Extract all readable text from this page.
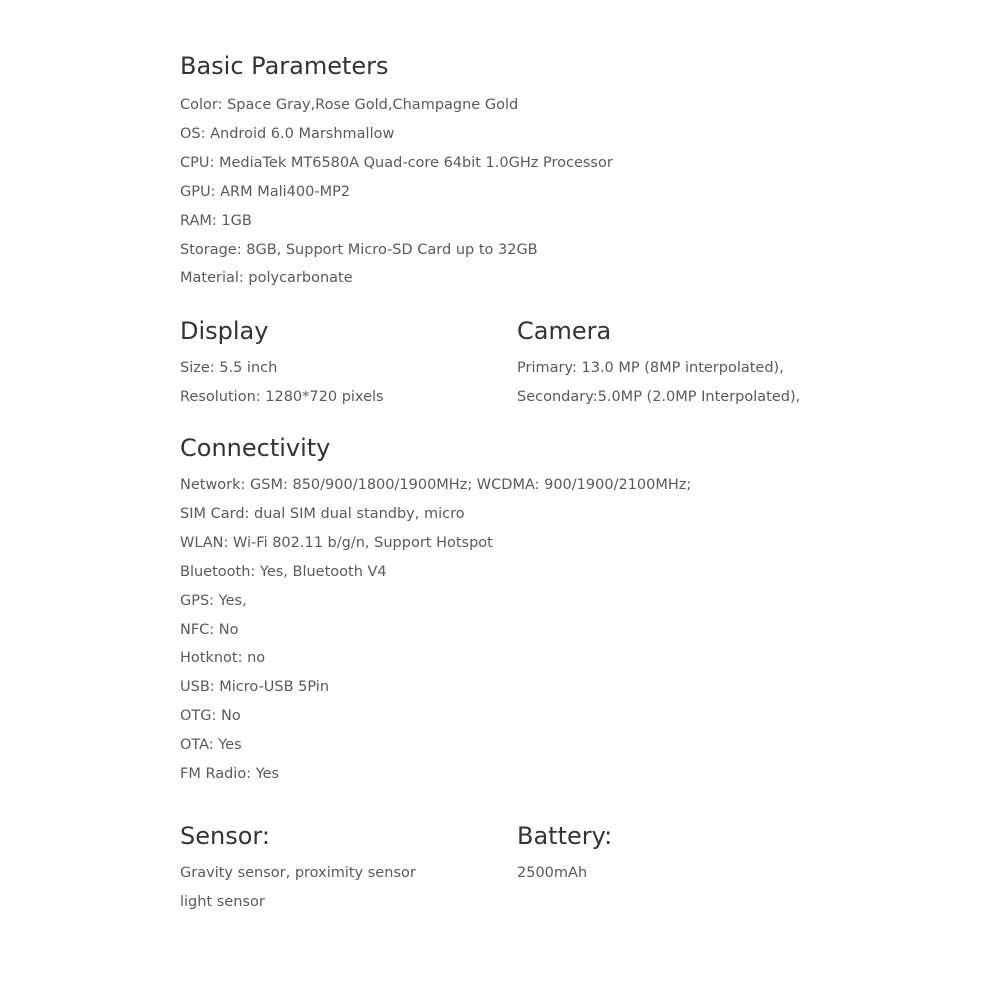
Basic Parameters
Color: Space Gray,Rose Gold,Champagne Gold
OS: Android 6.0 Marshmallow
CPU: MediaTek MT6580A Quad-core 64bit 1.0GHz Processor
GPU: ARM Mali400-MP2
RAM: 1GB
Storage: 8GB, Support Micro-SD Card up to 32GB
Material: polycarbonate
Display
Size: 5.5 inch
Resolution: 1280*720 pixels
Camera
Primary: 13.0 MP (8MP interpolated),
Secondary:5.0MP (2.0MP Interpolated),
Connectivity
Network: GSM: 850/900/1800/1900MHz; WCDMA: 900/1900/2100MHz;
SIM Card: dual SIM dual standby, micro
WLAN: Wi-Fi 802.11 b/g/n, Support Hotspot
Bluetooth: Yes, Bluetooth V4
GPS: Yes,
NFC: No
Hotknot: no
USB: Micro-USB 5Pin
OTG: No
OTA: Yes
FM Radio: Yes
Sensor:
Gravity sensor, proximity sensor
light sensor
Battery:
2500mAh
